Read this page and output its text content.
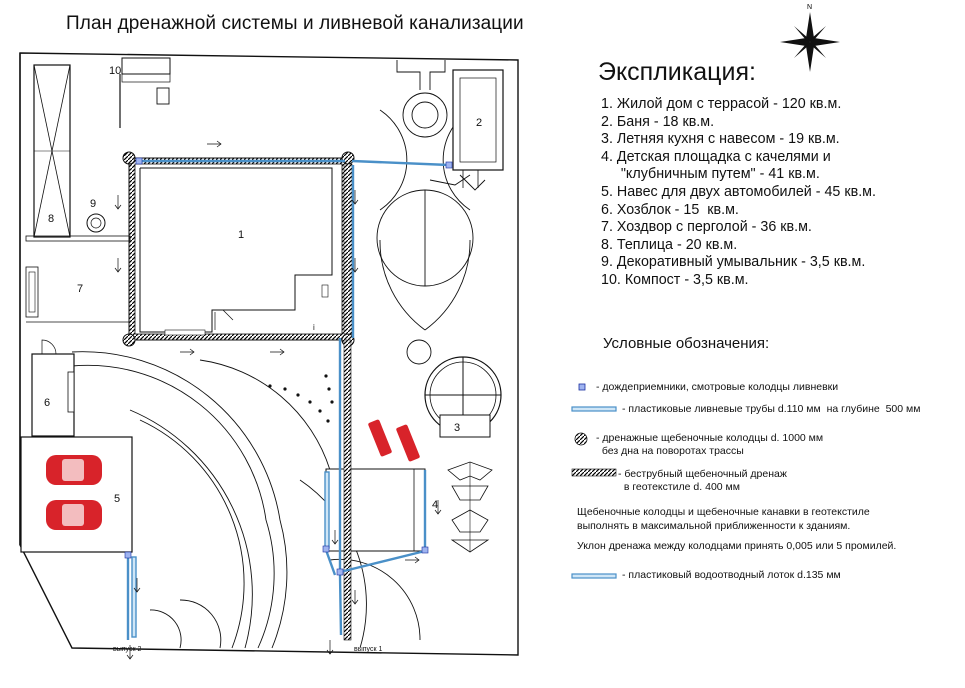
N
1
2
3
4
5
6
7
8
9
10
i
выпуск 1
выпуск 2
План дренажной системы и ливневой канализации
Экспликация:
1. Жилой дом с террасой - 120 кв.м.
2. Баня - 18 кв.м.
3. Летняя кухня с навесом - 19 кв.м.
4. Детская площадка с качелями и
"клубничным путем" - 41 кв.м.
5. Навес для двух автомобилей - 45 кв.м.
6. Хозблок - 15  кв.м.
7. Хоздвор с перголой - 36 кв.м.
8. Теплица - 20 кв.м.
9. Декоративный умывальник - 3,5 кв.м.
10. Компост - 3,5 кв.м.
Условные обозначения:
- дождеприемники, смотровые колодцы ливневки
- пластиковые ливневые трубы d.110 мм  на глубине  500 мм
- дренажные щебеночные колодцы d. 1000 мм
без дна на поворотах трассы
- беструбный щебеночный дренаж
в геотекстиле d. 400 мм
Щебеночные колодцы и щебеночные канавки в геотекстиле
выполнять в максимальной приближенности к зданиям.
Уклон дренажа между колодцами принять 0,005 или 5 промилей.
- пластиковый водоотводный лоток d.135 мм
